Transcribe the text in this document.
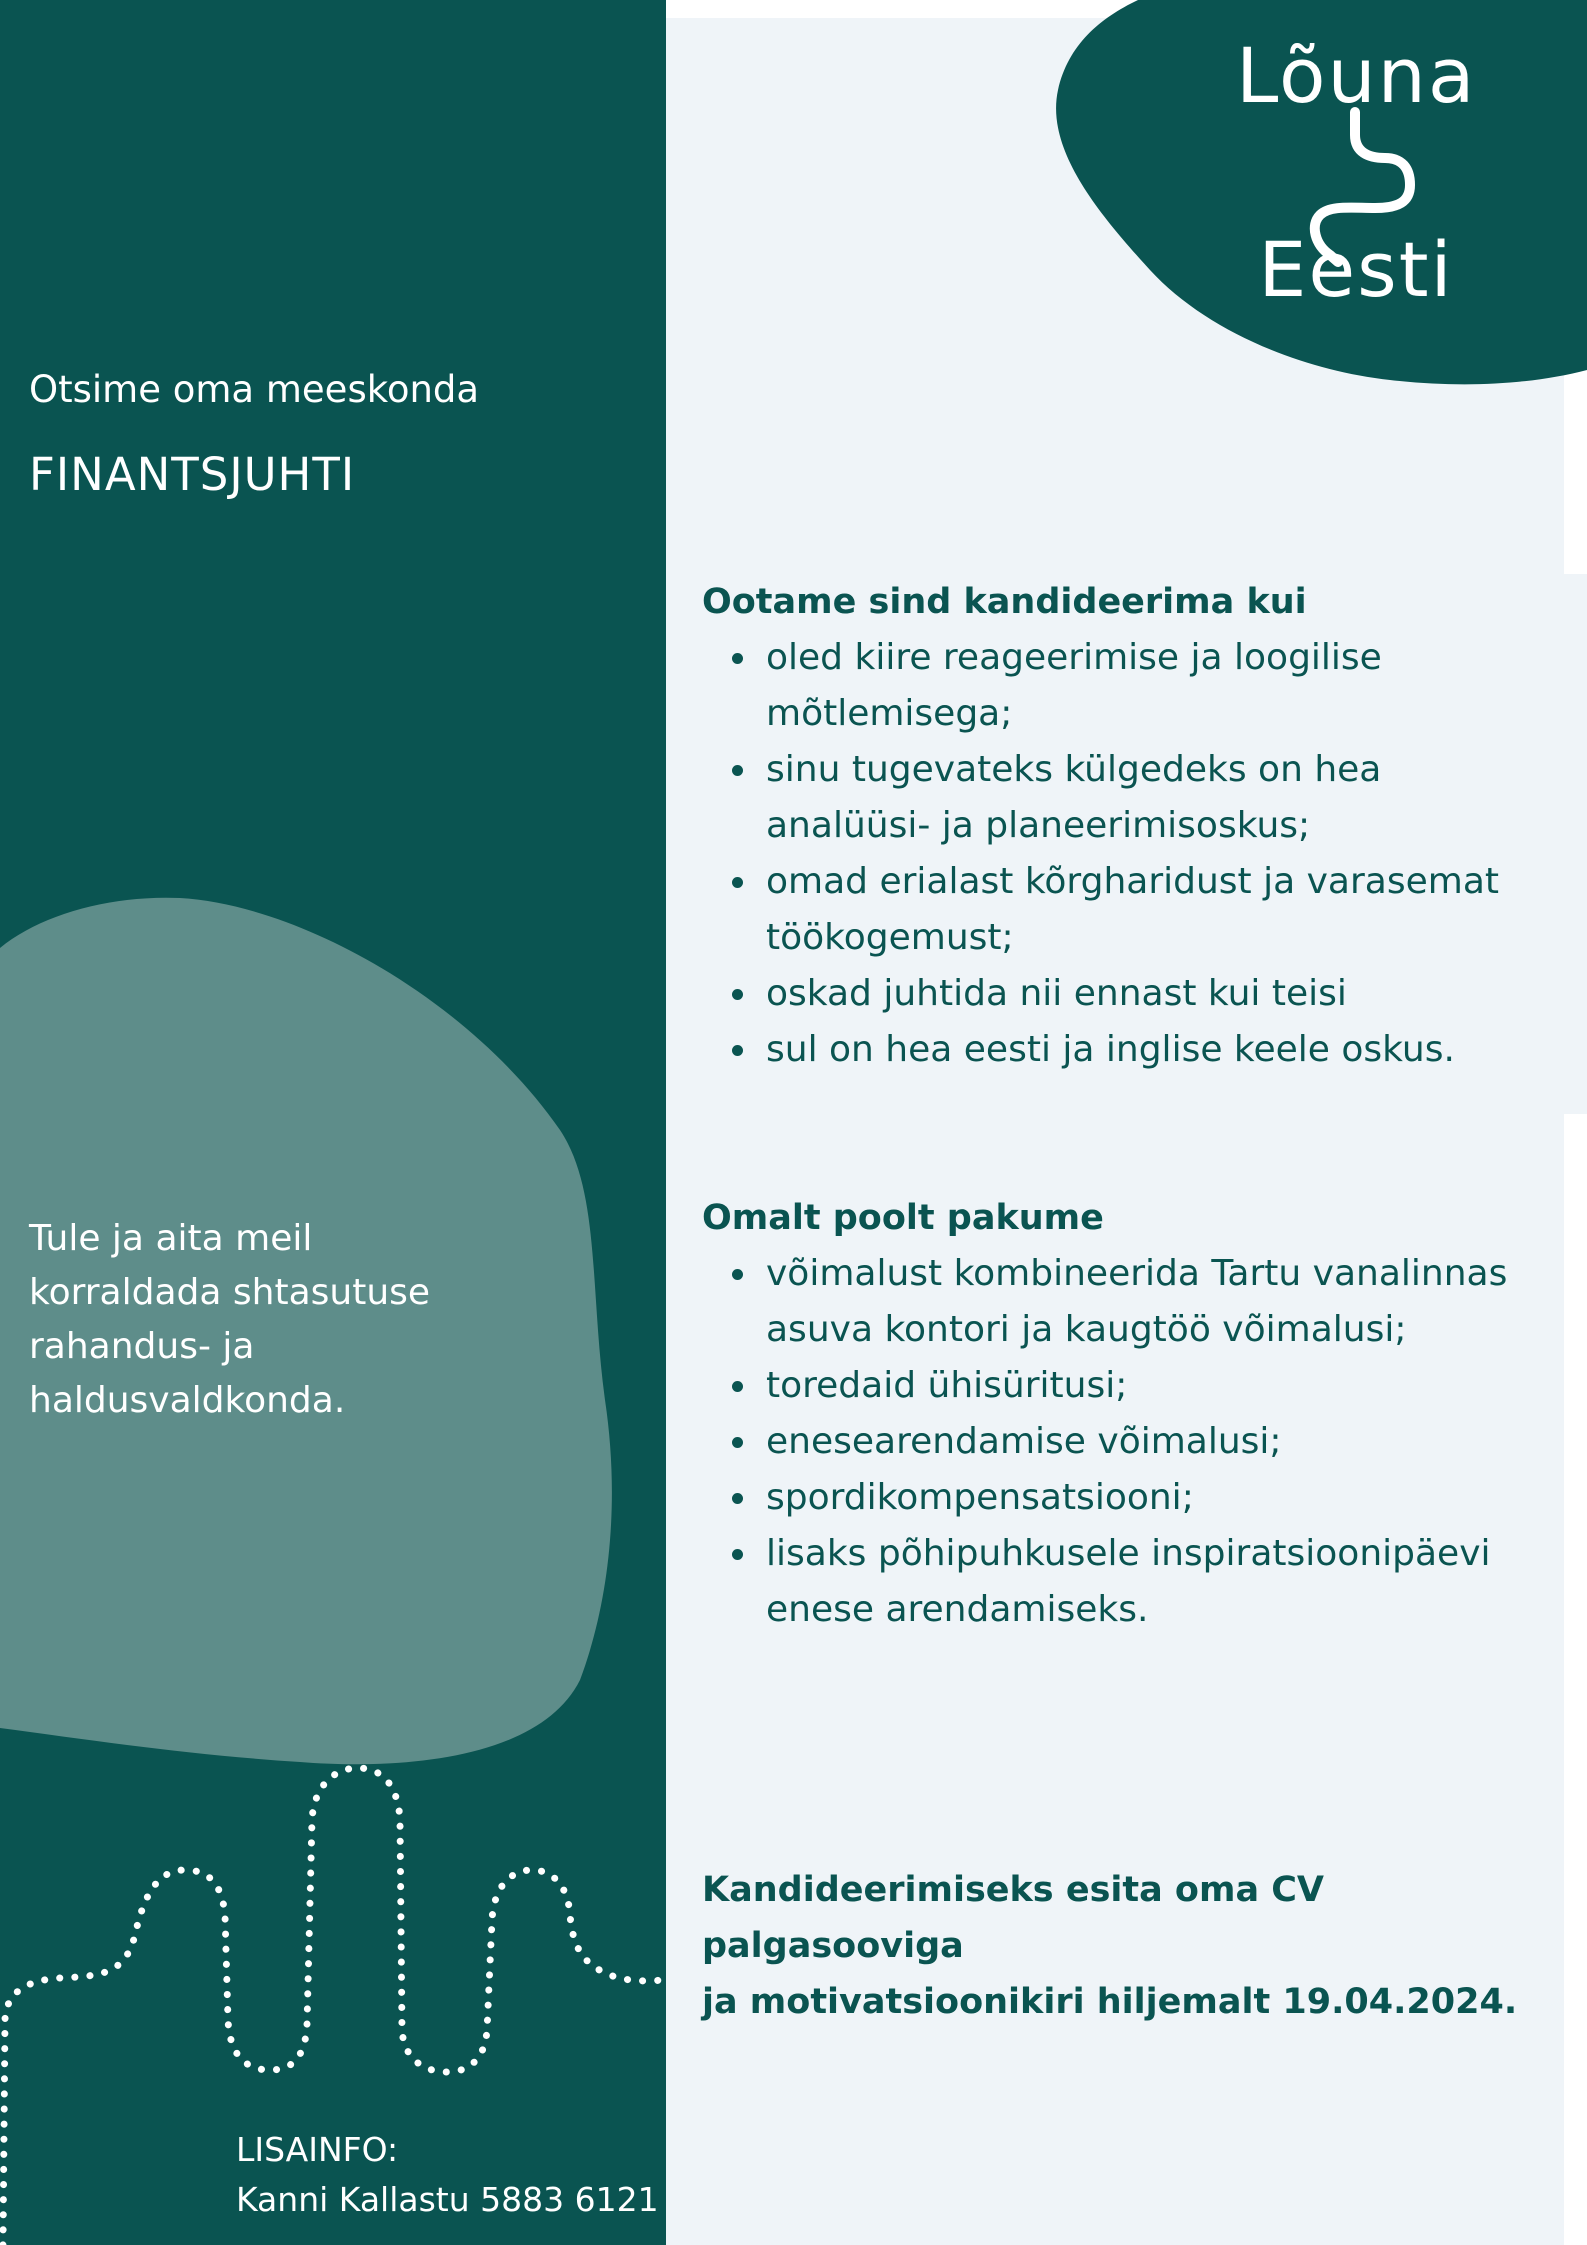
Lõuna
Eesti
Otsime oma meeskonda
FINANTSJUHTI
Tule ja aita meil
korraldada shtasutuse
rahandus- ja
haldusvaldkonda.
LISAINFO:
Kanni Kallastu 5883 6121
Ootame sind kandideerima kui
oled kiire reageerimise ja loogilise
mõtlemisega;
sinu tugevateks külgedeks on hea
analüüsi- ja planeerimisoskus;
omad erialast kõrgharidust ja varasemat
töökogemust;
oskad juhtida nii ennast kui teisi
sul on hea eesti ja inglise keele oskus.
Omalt poolt pakume
võimalust kombineerida Tartu vanalinnas
asuva kontori ja kaugtöö võimalusi;
toredaid ühisüritusi;
enesearendamise võimalusi;
spordikompensatsiooni;
lisaks põhipuhkusele inspiratsioonipäevi
enese arendamiseks.
Kandideerimiseks esita oma CV palgasooviga
ja motivatsioonikiri hiljemalt 19.04.2024.
